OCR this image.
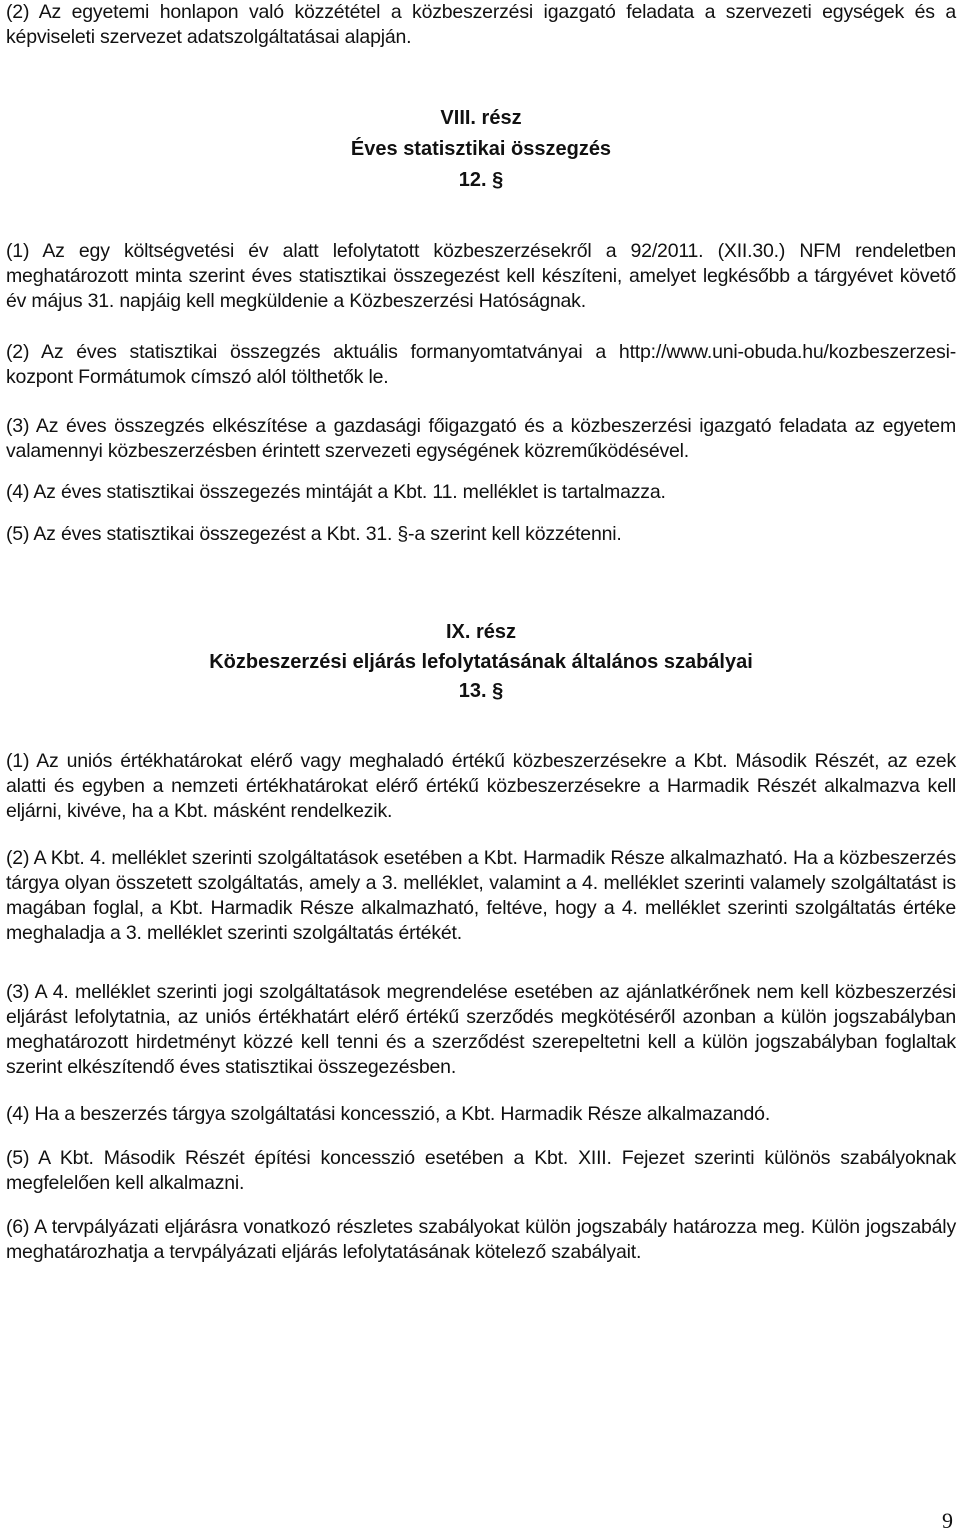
(2) Az egyetemi honlapon való közzététel a közbeszerzési igazgató feladata a szervezeti egységek és a képviseleti szervezet adatszolgáltatásai alapján.

VIII. rész
Éves statisztikai összegzés
12. §

(1) Az egy költségvetési év alatt lefolytatott közbeszerzésekről a 92/2011. (XII.30.) NFM rendeletben meghatározott minta szerint éves statisztikai összegezést kell készíteni, amelyet legkésőbb a tárgyévet követő év május 31. napjáig kell megküldenie a Közbeszerzési Hatóságnak.

(2) Az éves statisztikai összegzés aktuális formanyomtatványai a http://www.uni-obuda.hu/kozbeszerzesi-kozpont Formátumok címszó alól tölthetők le.

(3) Az éves összegzés elkészítése a gazdasági főigazgató és a közbeszerzési igazgató feladata az egyetem valamennyi közbeszerzésben érintett szervezeti egységének közreműködésével.

(4) Az éves statisztikai összegezés mintáját a Kbt. 11. melléklet is tartalmazza.

(5) Az éves statisztikai összegezést a Kbt. 31. §-a szerint kell közzétenni.

IX. rész
Közbeszerzési eljárás lefolytatásának általános szabályai
13. §

(1) Az uniós értékhatárokat elérő vagy meghaladó értékű közbeszerzésekre a Kbt. Második Részét, az ezek alatti és egyben a nemzeti értékhatárokat elérő értékű közbeszerzésekre a Harmadik Részét alkalmazva kell eljárni, kivéve, ha a Kbt. másként rendelkezik.

(2) A Kbt. 4. melléklet szerinti szolgáltatások esetében a Kbt. Harmadik Része alkalmazható. Ha a közbeszerzés tárgya olyan összetett szolgáltatás, amely a 3. melléklet, valamint a 4. melléklet szerinti valamely szolgáltatást is magában foglal, a Kbt. Harmadik Része alkalmazható, feltéve, hogy a 4. melléklet szerinti szolgáltatás értéke meghaladja a 3. melléklet szerinti szolgáltatás értékét.

(3) A 4. melléklet szerinti jogi szolgáltatások megrendelése esetében az ajánlatkérőnek nem kell közbeszerzési eljárást lefolytatnia, az uniós értékhatárt elérő értékű szerződés megkötéséről azonban a külön jogszabályban meghatározott hirdetményt közzé kell tenni és a szerződést szerepeltetni kell a külön jogszabályban foglaltak szerint elkészítendő éves statisztikai összegezésben.

(4) Ha a beszerzés tárgya szolgáltatási koncesszió, a Kbt. Harmadik Része alkalmazandó.

(5) A Kbt. Második Részét építési koncesszió esetében a Kbt. XIII. Fejezet szerinti különös szabályoknak megfelelően kell alkalmazni.

(6) A tervpályázati eljárásra vonatkozó részletes szabályokat külön jogszabály határozza meg. Külön jogszabály meghatározhatja a tervpályázati eljárás lefolytatásának kötelező szabályait.

9
